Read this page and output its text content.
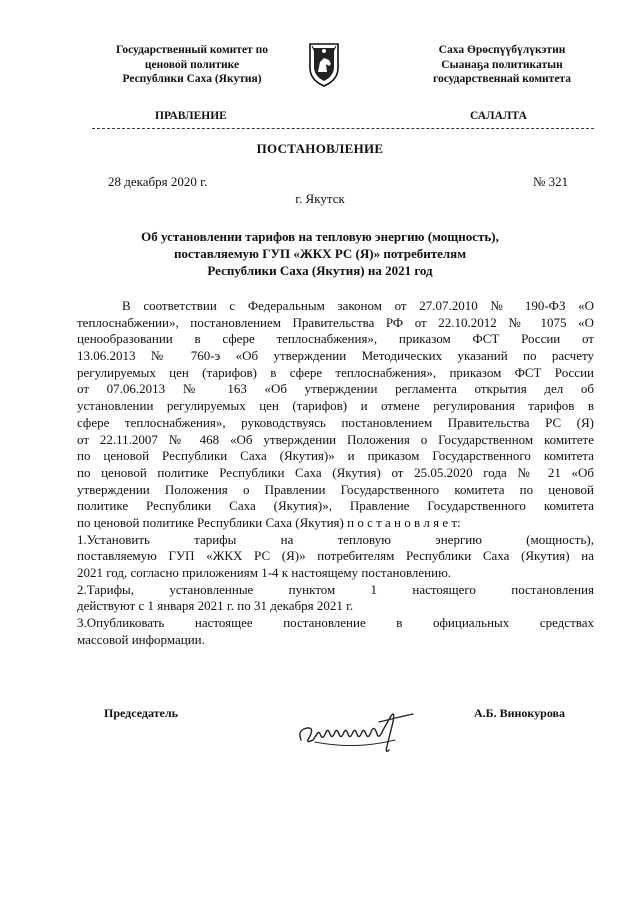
Государственный комитет по
ценовой политике
Республики Саха (Якутия)
Саха Өрөспүүбүлүкэтин
Сыанаҕа политикатын
государственнай комитета
ПРАВЛЕНИЕ	САЛАЛТА
ПОСТАНОВЛЕНИЕ
28 декабря 2020 г.	№ 321
г. Якутск
Об установлении тарифов на тепловую энергию (мощность),
поставляемую ГУП «ЖКХ РС (Я)» потребителям
Республики Саха (Якутия) на 2021 год
В соответствии с Федеральным законом от 27.07.2010 № 190-ФЗ «О
теплоснабжении», постановлением Правительства РФ от 22.10.2012 № 1075 «О
ценообразовании в сфере теплоснабжения», приказом ФСТ России от
13.06.2013 № 760-э «Об утверждении Методических указаний по расчету
регулируемых цен (тарифов) в сфере теплоснабжения», приказом ФСТ России
от 07.06.2013 № 163 «Об утверждении регламента открытия дел об
установлении регулируемых цен (тарифов) и отмене регулирования тарифов в
сфере теплоснабжения», руководствуясь постановлением Правительства РС (Я)
от 22.11.2007 № 468 «Об утверждении Положения о Государственном комитете
по ценовой Республики Саха (Якутия)» и приказом Государственного комитета
по ценовой политике Республики Саха (Якутия) от 25.05.2020 года № 21 «Об
утверждении Положения о Правлении Государственного комитета по ценовой
политике Республики Саха (Якутия)», Правление Государственного комитета
по ценовой политике Республики Саха (Якутия) п о с т а н о в л я е т:
1.Установить тарифы на тепловую энергию (мощность),
поставляемую ГУП «ЖКХ РС (Я)» потребителям Республики Саха (Якутия) на
2021 год, согласно приложениям 1-4 к настоящему постановлению.
2.Тарифы, установленные пунктом 1 настоящего постановления
действуют с 1 января 2021 г. по 31 декабря 2021 г.
3.Опубликовать настоящее постановление в официальных средствах
массовой информации.
Председатель	А.Б. Винокурова
